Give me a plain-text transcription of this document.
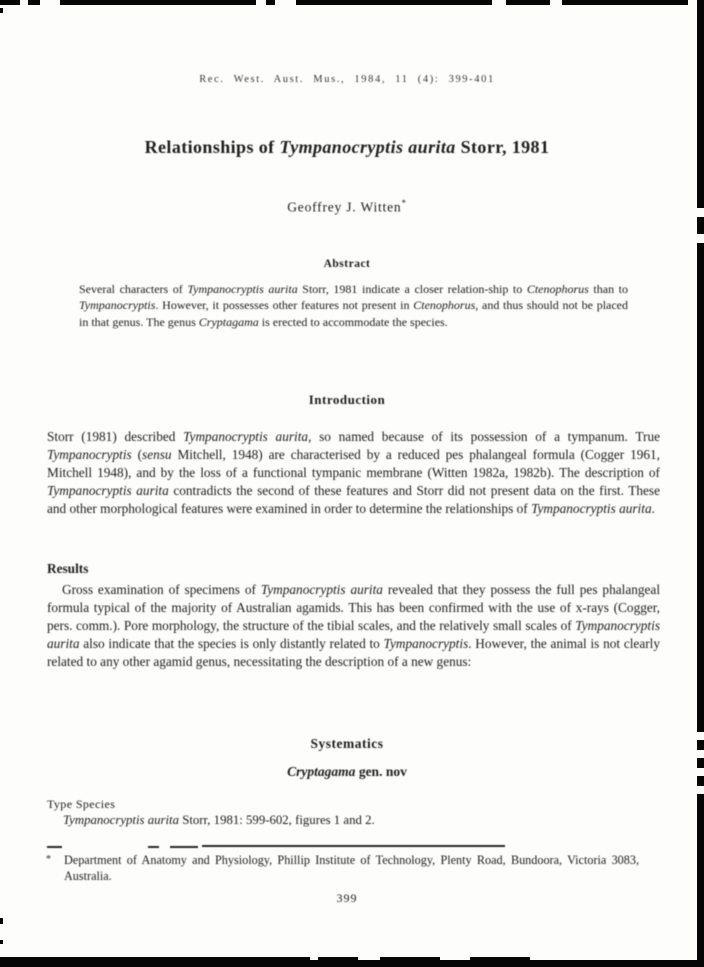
Rec. West. Aust. Mus., 1984, 11 (4): 399-401
Relationships of Tympanocryptis aurita Storr, 1981
Geoffrey J. Witten*
Abstract
Several characters of Tympanocryptis aurita Storr, 1981 indicate a closer relation-ship to Ctenophorus than to Tympanocryptis. However, it possesses other features not present in Ctenophorus, and thus should not be placed in that genus. The genus Cryptagama is erected to accommodate the species.
Introduction
Storr (1981) described Tympanocryptis aurita, so named because of its possession of a tympanum. True Tympanocryptis (sensu Mitchell, 1948) are characterised by a reduced pes phalangeal formula (Cogger 1961, Mitchell 1948), and by the loss of a functional tympanic membrane (Witten 1982a, 1982b). The description of Tympanocryptis aurita contradicts the second of these features and Storr did not present data on the first. These and other morphological features were examined in order to determine the relationships of Tympanocryptis aurita.
Results
Gross examination of specimens of Tympanocryptis aurita revealed that they possess the full pes phalangeal formula typical of the majority of Australian agamids. This has been confirmed with the use of x-rays (Cogger, pers. comm.). Pore morphology, the structure of the tibial scales, and the relatively small scales of Tympanocryptis aurita also indicate that the species is only distantly related to Tympanocryptis. However, the animal is not clearly related to any other agamid genus, necessitating the description of a new genus:
Systematics
Cryptagama gen. nov
Type Species
Tympanocryptis aurita Storr, 1981: 599-602, figures 1 and 2.
*	Department of Anatomy and Physiology, Phillip Institute of Technology, Plenty Road, Bundoora, Victoria 3083, Australia.
399
